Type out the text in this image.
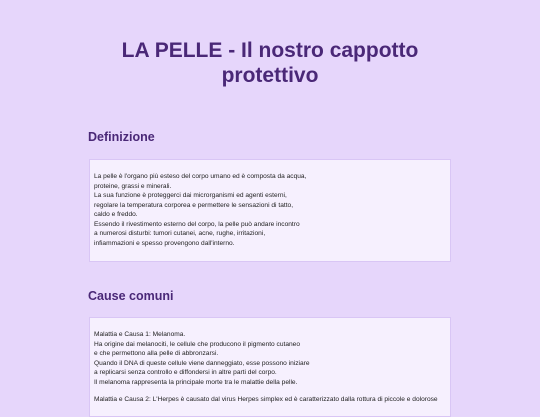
LA PELLE - Il nostro cappotto
protettivo
Definizione
La pelle è l'organo più esteso del corpo umano ed è composta da acqua,
proteine, grassi e minerali.
La sua funzione è proteggerci dai microrganismi ed agenti esterni,
regolare la temperatura corporea e permettere le sensazioni di tatto,
caldo e freddo.
Essendo il rivestimento esterno del corpo, la pelle può andare incontro
a numerosi disturbi: tumori cutanei, acne, rughe, irritazioni,
infiammazioni e spesso provengono dall'interno.
Cause comuni
Malattia e Causa 1: Melanoma.
Ha origine dai melanociti, le cellule che producono il pigmento cutaneo
e che permettono alla pelle di abbronzarsi.
Quando il DNA di queste cellule viene danneggiato, esse possono iniziare
a replicarsi senza controllo e diffondersi in altre parti del corpo.
Il melanoma rappresenta la principale morte tra le malattie della pelle.
Malattia e Causa 2: L'Herpes è causato dal virus Herpes simplex ed è caratterizzato dalla rottura di piccole e dolorose
